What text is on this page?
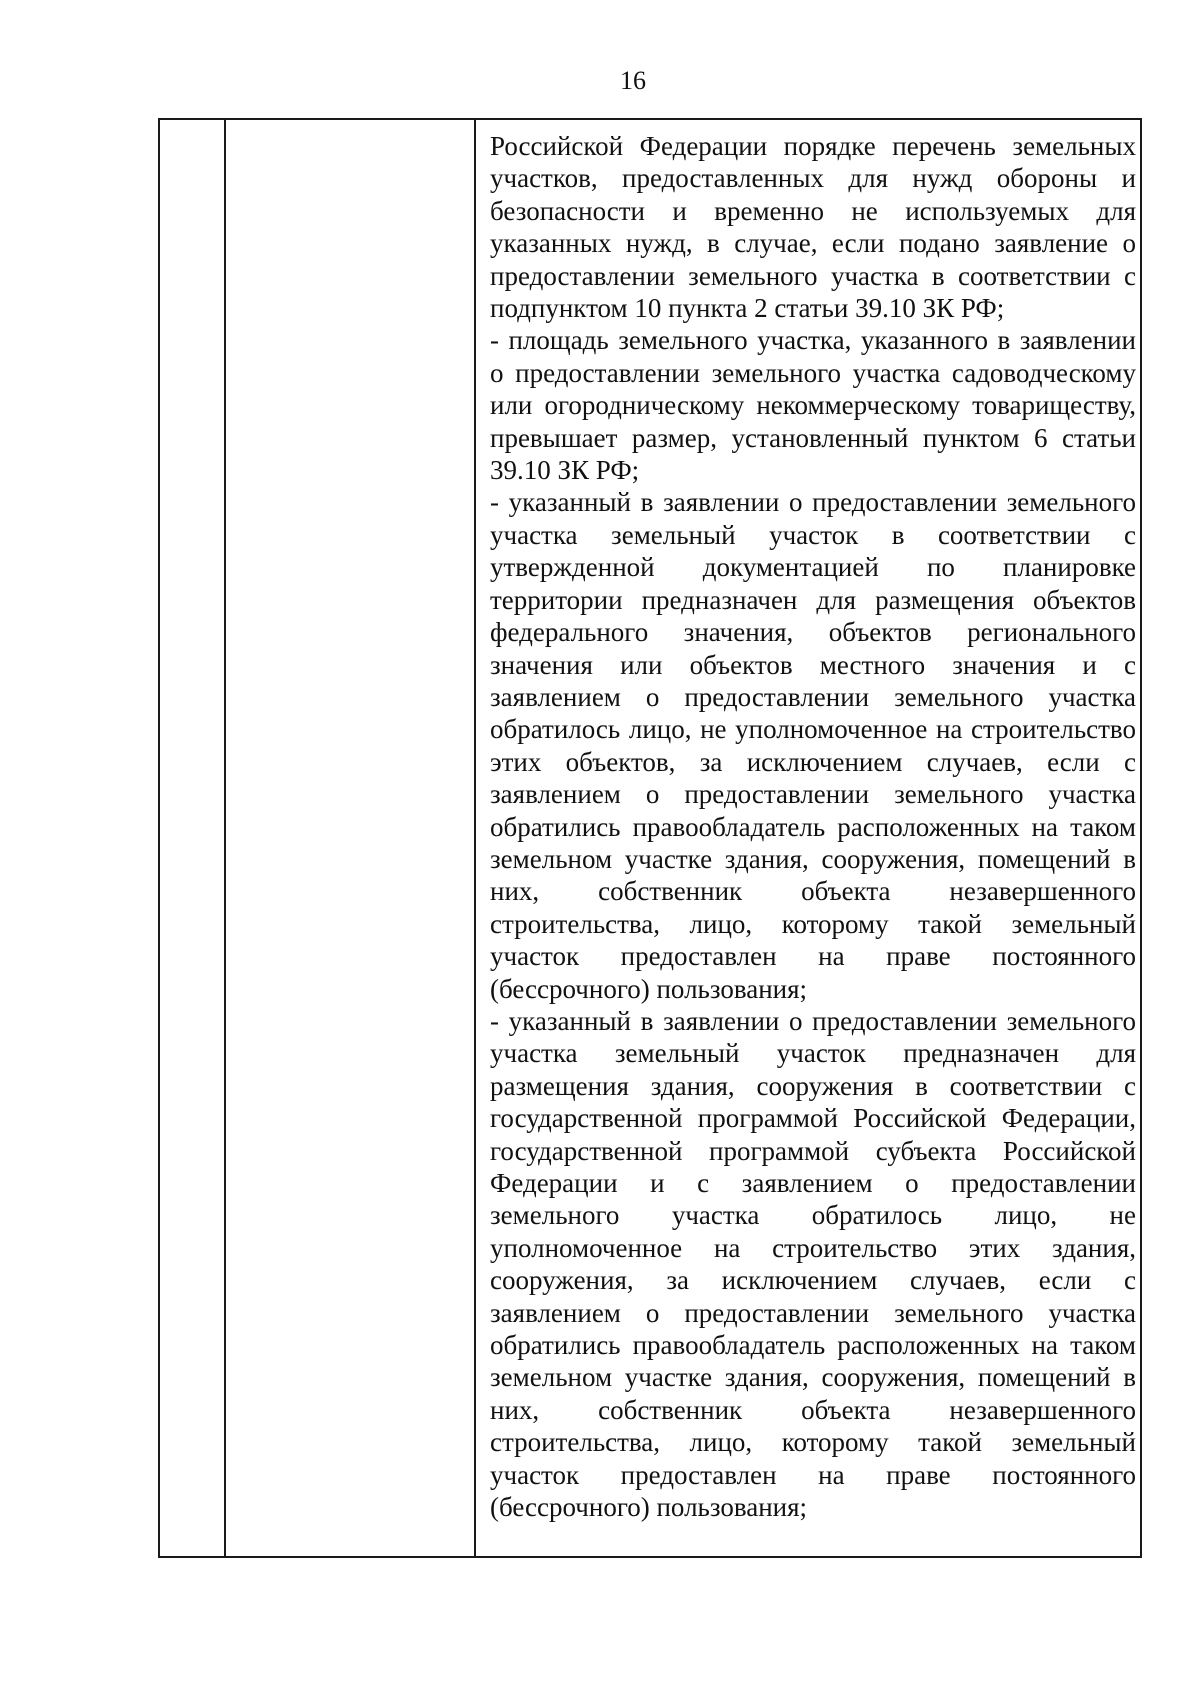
16

Российской Федерации порядке перечень земельных участков, предоставленных для нужд обороны и безопасности и временно не используемых для указанных нужд, в случае, если подано заявление о предоставлении земельного участка в соответствии с подпунктом 10 пункта 2 статьи 39.10 ЗК РФ;

- площадь земельного участка, указанного в заявлении о предоставлении земельного участка садоводческому или огородническому некоммерческому товариществу, превышает размер, установленный пунктом 6 статьи 39.10 ЗК РФ;

- указанный в заявлении о предоставлении земельного участка земельный участок в соответствии с утвержденной документацией по планировке территории предназначен для размещения объектов федерального значения, объектов регионального значения или объектов местного значения и с заявлением о предоставлении земельного участка обратилось лицо, не уполномоченное на строительство этих объектов, за исключением случаев, если с заявлением о предоставлении земельного участка обратились правообладатель расположенных на таком земельном участке здания, сооружения, помещений в них, собственник объекта незавершенного строительства, лицо, которому такой земельный участок предоставлен на праве постоянного (бессрочного) пользования;

- указанный в заявлении о предоставлении земельного участка земельный участок предназначен для размещения здания, сооружения в соответствии с государственной программой Российской Федерации, государственной программой субъекта Российской Федерации и с заявлением о предоставлении земельного участка обратилось лицо, не уполномоченное на строительство этих здания, сооружения, за исключением случаев, если с заявлением о предоставлении земельного участка обратились правообладатель расположенных на таком земельном участке здания, сооружения, помещений в них, собственник объекта незавершенного строительства, лицо, которому такой земельный участок предоставлен на праве постоянного (бессрочного) пользования;
